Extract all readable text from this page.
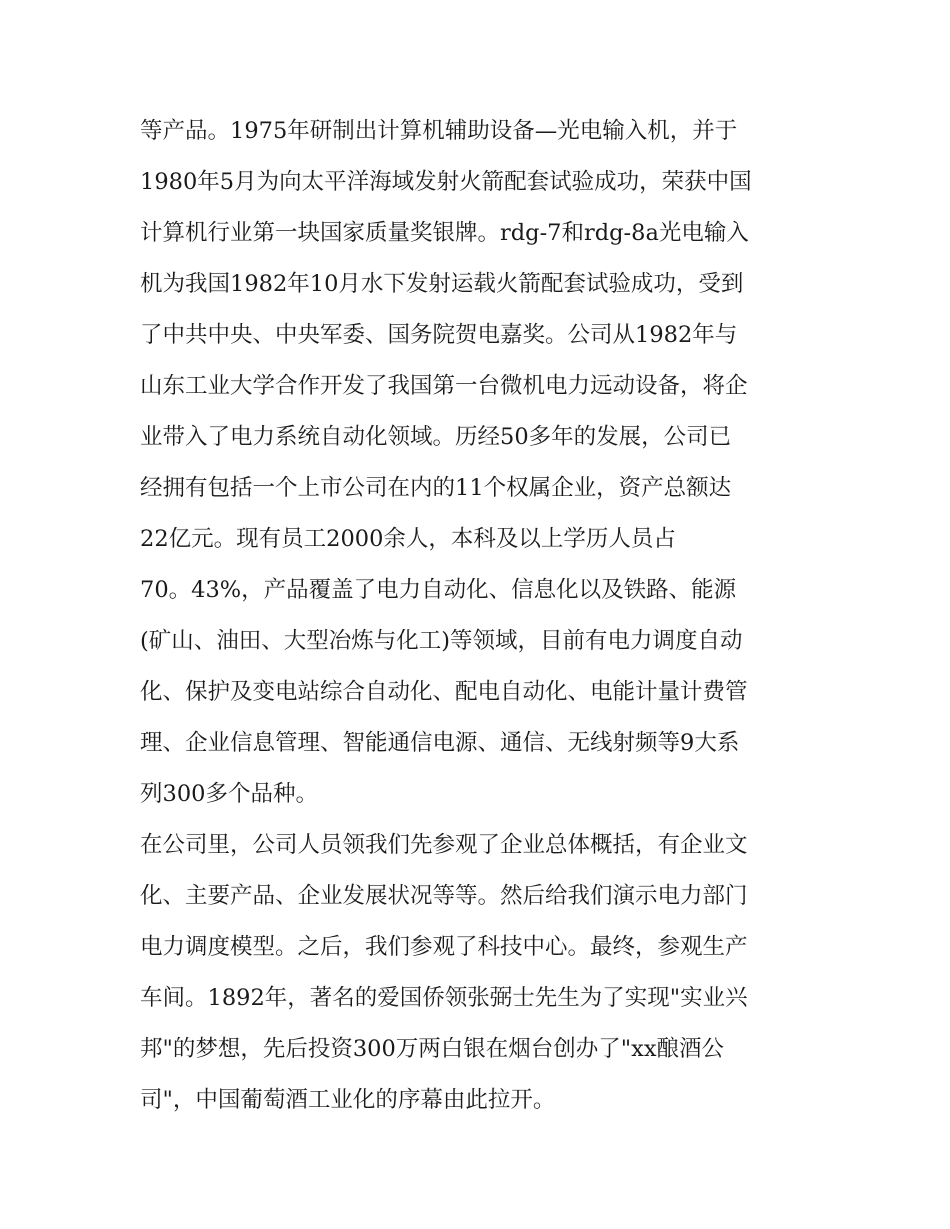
等产品。1975年研制出计算机辅助设备—光电输入机，并于
1980年5月为向太平洋海域发射火箭配套试验成功，荣获中国
计算机行业第一块国家质量奖银牌。rdg-7和rdg-8a光电输入
机为我国1982年10月水下发射运载火箭配套试验成功，受到
了中共中央、中央军委、国务院贺电嘉奖。公司从1982年与
山东工业大学合作开发了我国第一台微机电力远动设备，将企
业带入了电力系统自动化领域。历经50多年的发展，公司已
经拥有包括一个上市公司在内的11个权属企业，资产总额达
22亿元。现有员工2000余人，本科及以上学历人员占
70。43%，产品覆盖了电力自动化、信息化以及铁路、能源
(矿山、油田、大型冶炼与化工)等领域，目前有电力调度自动
化、保护及变电站综合自动化、配电自动化、电能计量计费管
理、企业信息管理、智能通信电源、通信、无线射频等9大系
列300多个品种。
在公司里，公司人员领我们先参观了企业总体概括，有企业文
化、主要产品、企业发展状况等等。然后给我们演示电力部门
电力调度模型。之后，我们参观了科技中心。最终，参观生产
车间。1892年，著名的爱国侨领张弼士先生为了实现"实业兴
邦"的梦想，先后投资300万两白银在烟台创办了"xx酿酒公
司"，中国葡萄酒工业化的序幕由此拉开。
